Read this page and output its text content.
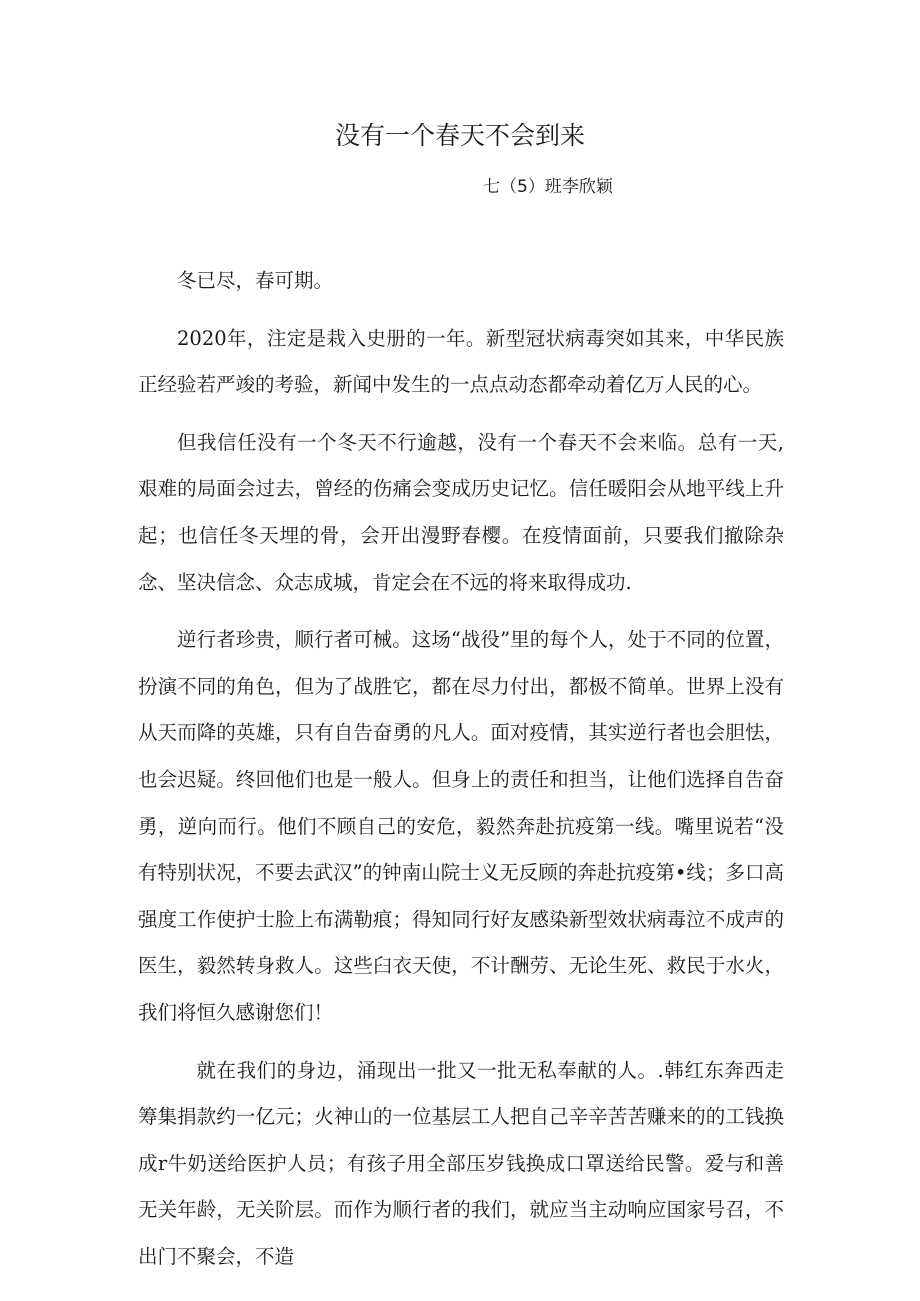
没有一个春天不会到来
七（5）班李欣颖

冬已尽，春可期。

2020年，注定是栽入史册的一年。新型冠状病毒突如其来，中华民族正经验若严竣的考验，新闻中发生的一点点动态都牵动着亿万人民的心。

但我信任没有一个冬天不行逾越，没有一个春天不会来临。总有一天,艰难的局面会过去，曾经的伤痛会变成历史记忆。信任暖阳会从地平线上升起；也信任冬天埋的骨，会开出漫野春樱。在疫情面前，只要我们撤除杂念、坚决信念、众志成城，肯定会在不远的将来取得成功.

逆行者珍贵，顺行者可械。这场“战役”里的每个人，处于不同的位置，扮演不同的角色，但为了战胜它，都在尽力付出，都极不简单。世界上没有从天而降的英雄，只有自告奋勇的凡人。面对疫情，其实逆行者也会胆怯，也会迟疑。终回他们也是一般人。但身上的责任和担当，让他们选择自告奋勇，逆向而行。他们不顾自己的安危，毅然奔赴抗疫第一线。嘴里说若“没有特别状况，不要去武汉”的钟南山院士义无反顾的奔赴抗疫第•线；多口高强度工作使护士脸上布满勒痕；得知同行好友感染新型效状病毒泣不成声的医生，毅然转身救人。这些臼衣天使，不计酬劳、无论生死、救民于水火，我们将恒久感谢您们！

就在我们的身边，涌现出一批又一批无私奉献的人。.韩红东奔西走筹集捐款约一亿元；火神山的一位基层工人把自己辛辛苦苦赚来的的工钱换成r牛奶送给医护人员；有孩子用全部压岁钱换成口罩送给民警。爱与和善无关年龄，无关阶层。而作为顺行者的我们，就应当主动响应国家号召，不出门不聚会，不造
